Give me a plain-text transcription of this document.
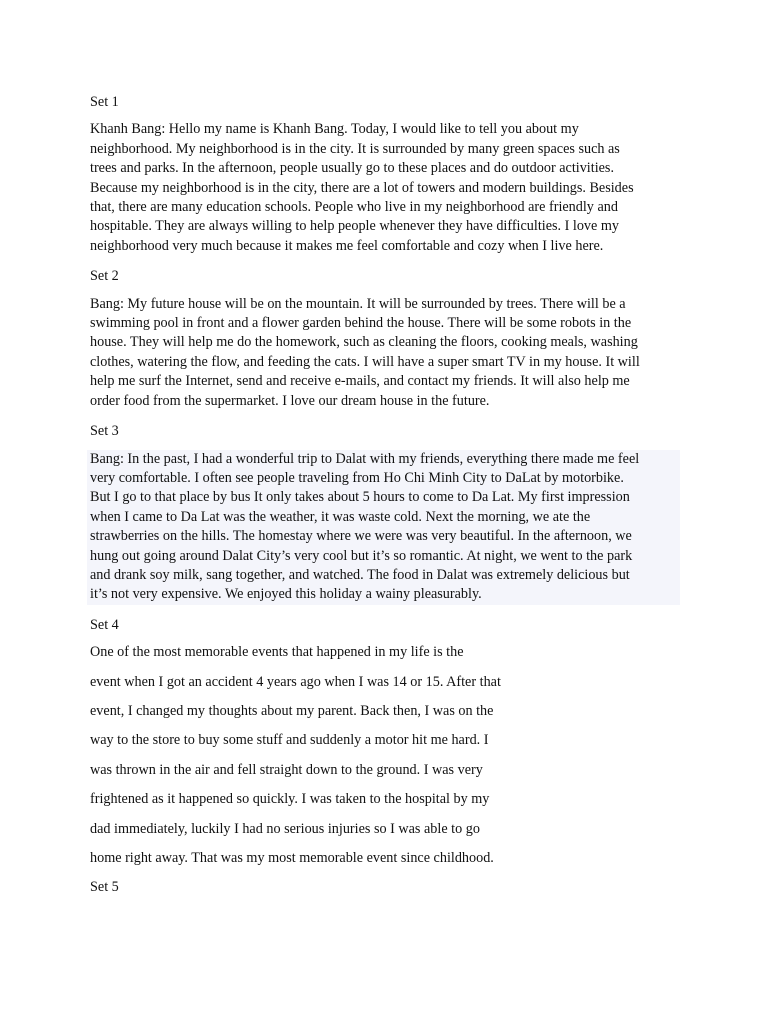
Set 1
Khanh Bang: Hello my name is Khanh Bang. Today, I would like to tell you about my
neighborhood. My neighborhood is in the city. It is surrounded by many green spaces such as
trees and parks. In the afternoon, people usually go to these places and do outdoor activities.
Because my neighborhood is in the city, there are a lot of towers and modern buildings. Besides
that, there are many education schools. People who live in my neighborhood are friendly and
hospitable. They are always willing to help people whenever they have difficulties. I love my
neighborhood very much because it makes me feel comfortable and cozy when I live here.
Set 2
Bang: My future house will be on the mountain. It will be surrounded by trees. There will be a
swimming pool in front and a flower garden behind the house. There will be some robots in the
house. They will help me do the homework, such as cleaning the floors, cooking meals, washing
clothes, watering the flow, and feeding the cats. I will have a super smart TV in my house. It will
help me surf the Internet, send and receive e-mails, and contact my friends. It will also help me
order food from the supermarket. I love our dream house in the future.
Set 3
Bang: In the past, I had a wonderful trip to Dalat with my friends, everything there made me feel
very comfortable. I often see people traveling from Ho Chi Minh City to DaLat by motorbike.
But I go to that place by bus It only takes about 5 hours to come to Da Lat. My first impression
when I came to Da Lat was the weather, it was waste cold. Next the morning, we ate the
strawberries on the hills. The homestay where we were was very beautiful. In the afternoon, we
hung out going around Dalat City’s very cool but it’s so romantic. At night, we went to the park
and drank soy milk, sang together, and watched. The food in Dalat was extremely delicious but
it’s not very expensive. We enjoyed this holiday a wainy pleasurably.
Set 4
One of the most memorable events that happened in my life is the
event when I got an accident 4 years ago when I was 14 or 15. After that
event, I changed my thoughts about my parent. Back then, I was on the
way to the store to buy some stuff and suddenly a motor hit me hard. I
was thrown in the air and fell straight down to the ground. I was very
frightened as it happened so quickly. I was taken to the hospital by my
dad immediately, luckily I had no serious injuries so I was able to go
home right away. That was my most memorable event since childhood.
Set 5
